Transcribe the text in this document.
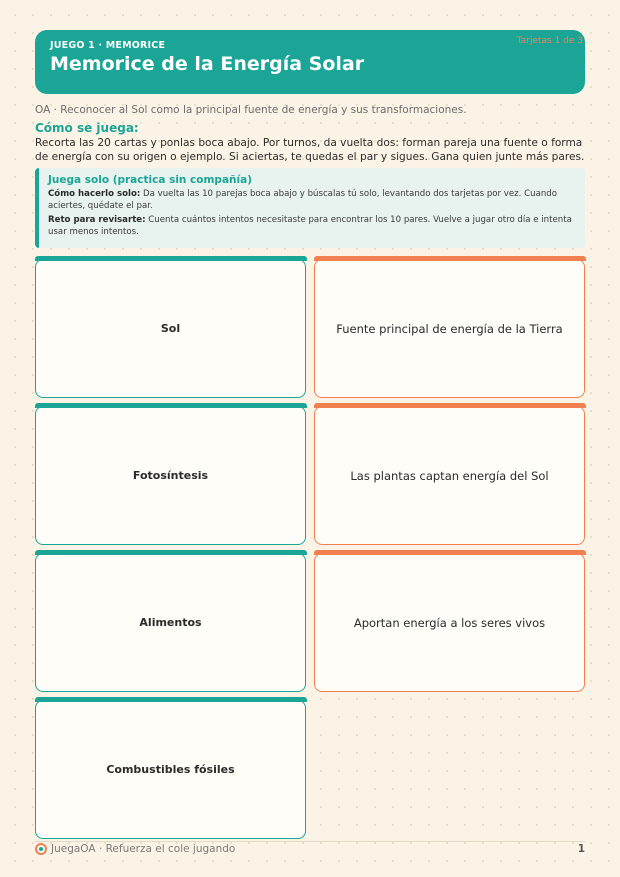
JUEGO 1 · MEMORICE
Memorice de la Energía Solar
Tarjetas 1 de 3
OA · Reconocer al Sol como la principal fuente de energía y sus transformaciones.
Cómo se juega:
Recorta las 20 cartas y ponlas boca abajo. Por turnos, da vuelta dos: forman pareja una fuente o forma de energía con su origen o ejemplo. Si aciertas, te quedas el par y sigues. Gana quien junte más pares.
Juega solo (practica sin compañía)
Cómo hacerlo solo: Da vuelta las 10 parejas boca abajo y búscalas tú solo, levantando dos tarjetas por vez. Cuando aciertes, quédate el par.
Reto para revisarte: Cuenta cuántos intentos necesitaste para encontrar los 10 pares. Vuelve a jugar otro día e intenta usar menos intentos.
Sol	Fuente principal de energía de la Tierra
Fotosíntesis	Las plantas captan energía del Sol
Alimentos	Aportan energía a los seres vivos
Combustibles fósiles
JuegaOA · Refuerza el cole jugando	1
